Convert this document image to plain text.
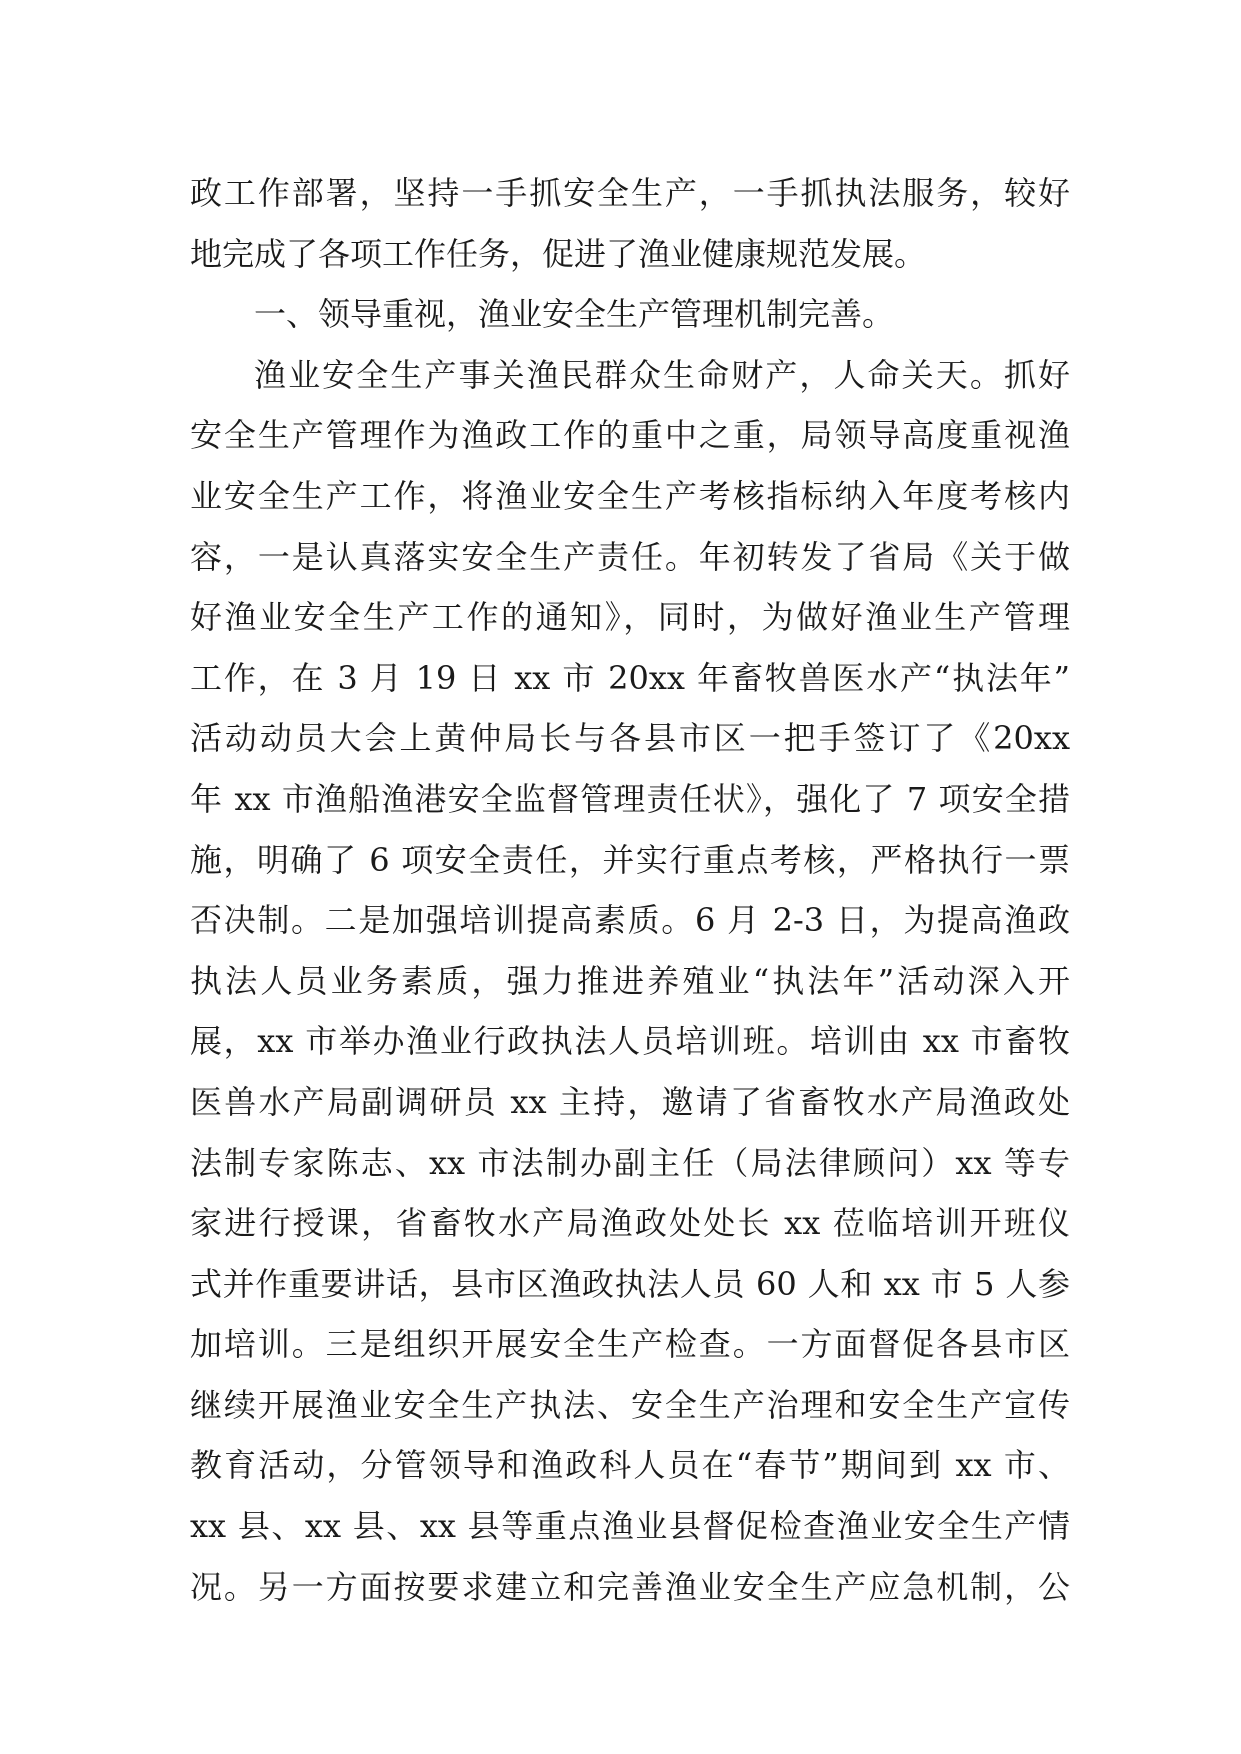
政工作部署，坚持一手抓安全生产，一手抓执法服务，较好
地完成了各项工作任务，促进了渔业健康规范发展。
一、领导重视，渔业安全生产管理机制完善。
渔业安全生产事关渔民群众生命财产，人命关天。抓好
安全生产管理作为渔政工作的重中之重，局领导高度重视渔
业安全生产工作，将渔业安全生产考核指标纳入年度考核内
容，一是认真落实安全生产责任。年初转发了省局《关于做
好渔业安全生产工作的通知》，同时，为做好渔业生产管理
工作，在 3 月 19 日 xx 市 20xx 年畜牧兽医水产“执法年”
活动动员大会上黄仲局长与各县市区一把手签订了《20xx
年 xx 市渔船渔港安全监督管理责任状》，强化了 7 项安全措
施，明确了 6 项安全责任，并实行重点考核，严格执行一票
否决制。二是加强培训提高素质。6 月 2-3 日，为提高渔政
执法人员业务素质，强力推进养殖业“执法年”活动深入开
展，xx 市举办渔业行政执法人员培训班。培训由 xx 市畜牧
医兽水产局副调研员 xx 主持，邀请了省畜牧水产局渔政处
法制专家陈志、xx 市法制办副主任（局法律顾问）xx 等专
家进行授课，省畜牧水产局渔政处处长 xx 莅临培训开班仪
式并作重要讲话，县市区渔政执法人员 60 人和 xx 市 5 人参
加培训。三是组织开展安全生产检查。一方面督促各县市区
继续开展渔业安全生产执法、安全生产治理和安全生产宣传
教育活动，分管领导和渔政科人员在“春节”期间到 xx 市、
xx 县、xx 县、xx 县等重点渔业县督促检查渔业安全生产情
况。另一方面按要求建立和完善渔业安全生产应急机制，公
